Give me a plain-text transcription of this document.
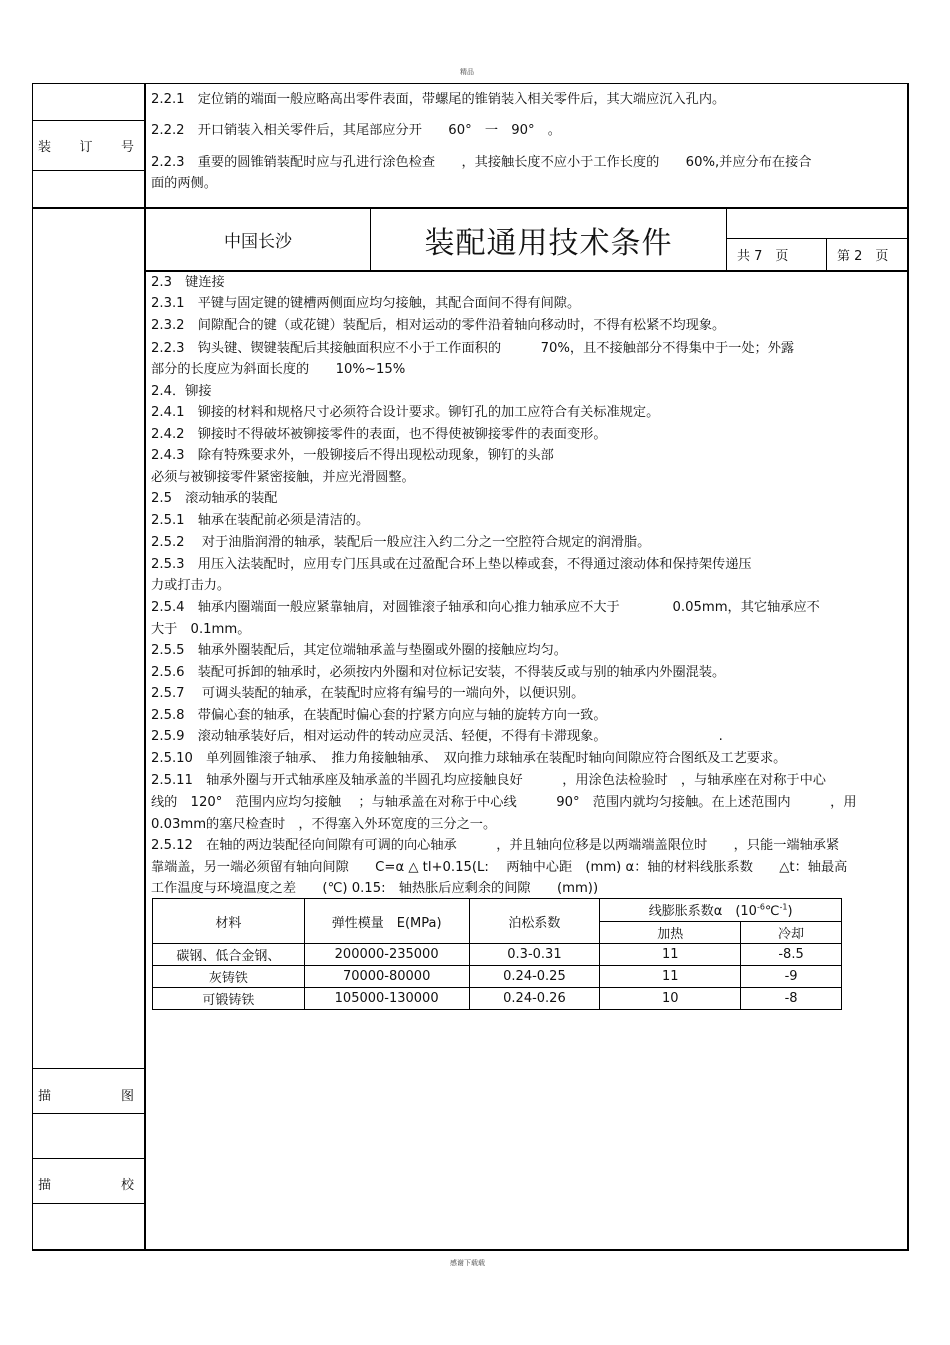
精品
感谢下载载
装 订 号
描	图
描	校
2.2.1　定位销的端面一般应略高出零件表面，带螺尾的锥销装入相关零件后，其大端应沉入孔内。
2.2.2　开口销装入相关零件后，其尾部应分开　　60°　一　90°　。
2.2.3　重要的圆锥销装配时应与孔进行涂色检查　　，其接触长度不应小于工作长度的　　60%,并应分布在接合
面的两侧。
中国长沙	装配通用技术条件	共 7　页	第 2　页
2.3　键连接
2.3.1　平键与固定键的键槽两侧面应均匀接触，其配合面间不得有间隙。
2.3.2　间隙配合的键（或花键）装配后，相对运动的零件沿着轴向移动时，不得有松紧不均现象。
2.2.3　钩头键、锲键装配后其接触面积应不小于工作面积的　　　70%，且不接触部分不得集中于一处；外露
部分的长度应为斜面长度的　　10%~15%
2.4．铆接
2.4.1　铆接的材料和规格尺寸必须符合设计要求。铆钉孔的加工应符合有关标准规定。
2.4.2　铆接时不得破坏被铆接零件的表面，也不得使被铆接零件的表面变形。
2.4.3　除有特殊要求外，一般铆接后不得出现松动现象，铆钉的头部
必须与被铆接零件紧密接触，并应光滑圆整。
2.5　滚动轴承的装配
2.5.1　轴承在装配前必须是清洁的。
2.5.2　 对于油脂润滑的轴承，装配后一般应注入约二分之一空腔符合规定的润滑脂。
2.5.3　用压入法装配时，应用专门压具或在过盈配合环上垫以棒或套，不得通过滚动体和保持架传递压
力或打击力。
2.5.4　轴承内圈端面一般应紧靠轴肩，对圆锥滚子轴承和向心推力轴承应不大于　　　　0.05mm，其它轴承应不
大于　0.1mm。
2.5.5　轴承外圈装配后，其定位端轴承盖与垫圈或外圈的接触应均匀。
2.5.6　装配可拆卸的轴承时，必须按内外圈和对位标记安装，不得装反或与别的轴承内外圈混装。
2.5.7　 可调头装配的轴承，在装配时应将有编号的一端向外，以便识别。
2.5.8　带偏心套的轴承，在装配时偏心套的拧紧方向应与轴的旋转方向一致。
2.5.9　滚动轴承装好后，相对运动件的转动应灵活、轻便，不得有卡滞现象。　　　　　　　　　.
2.5.10　单列圆锥滚子轴承、　推力角接触轴承、　双向推力球轴承在装配时轴向间隙应符合图纸及工艺要求。
2.5.11　轴承外圈与开式轴承座及轴承盖的半圆孔均应接触良好　　　，用涂色法检验时　，与轴承座在对称于中心
线的　120°　范围内应均匀接触　 ；与轴承盖在对称于中心线　　　90°　范围内就均匀接触。在上述范围内　　　，用
0.03mm的塞尺检查时　，不得塞入外环宽度的三分之一。
2.5.12　在轴的两边装配径向间隙有可调的向心轴承　　　，并且轴向位移是以两端端盖限位时　　，只能一端轴承紧
靠端盖，另一端必须留有轴向间隙　　C=α △ tl+0.15(L:　 两轴中心距　(mm) α：轴的材料线胀系数　　△t：轴最高
工作温度与环境温度之差　　(℃) 0.15:　轴热胀后应剩余的间隙　　(mm))
材料	弹性模量　E(MPa)	泊松系数	线膨胀系数α　$(10^{-6}℃^{-1})$	
			加热	冷却
碳钢、低合金钢、	200000-235000	0.3-0.31	11	-8.5
灰铸铁	70000-80000	0.24-0.25	11	-9
可锻铸铁	105000-130000	0.24-0.26	10	-8
